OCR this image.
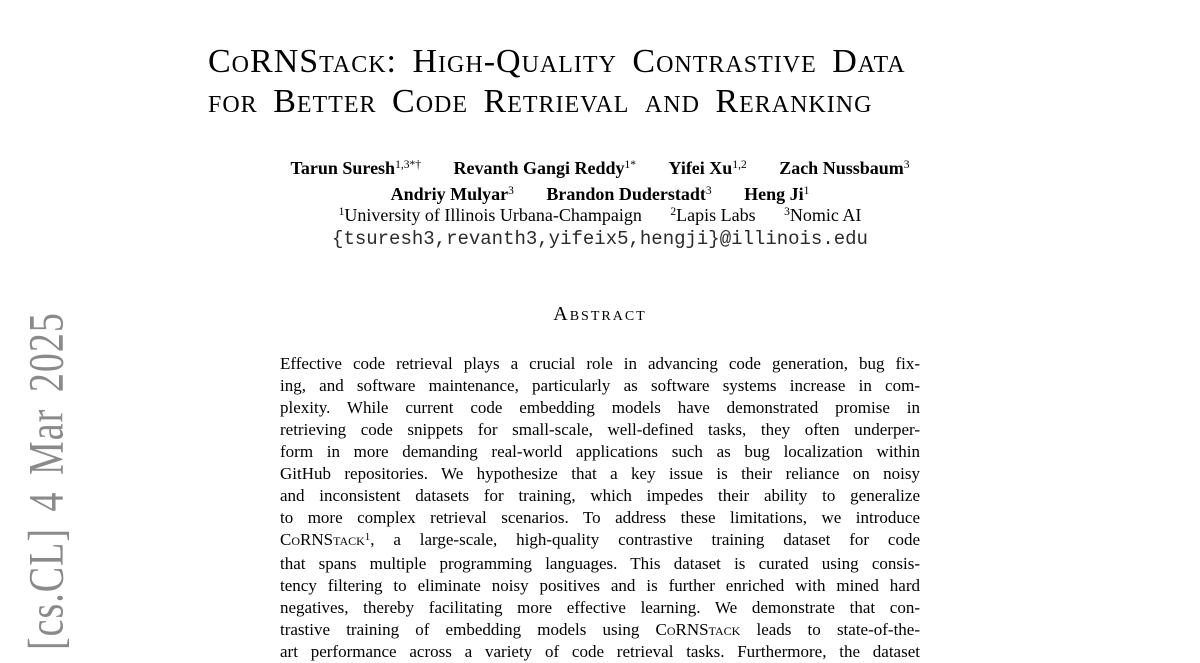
[cs.CL] 4 Mar 2025
CoRNStack: High-Quality Contrastive Data
for Better Code Retrieval and Reranking
Tarun Suresh$^{1,3*\dagger}$ Revanth Gangi Reddy$^{1*}$ Yifei Xu$^{1,2}$ Zach Nussbaum$^3$
Andriy Mulyar$^3$ Brandon Duderstadt$^3$ Heng Ji$^1$
$^1$University of Illinois Urbana-Champaign $^2$Lapis Labs $^3$Nomic AI
{tsuresh3,revanth3,yifeix5,hengji}@illinois.edu
Abstract
Effective code retrieval plays a crucial role in advancing code generation, bug fix-
ing, and software maintenance, particularly as software systems increase in com-
plexity. While current code embedding models have demonstrated promise in
retrieving code snippets for small-scale, well-defined tasks, they often underper-
form in more demanding real-world applications such as bug localization within
GitHub repositories. We hypothesize that a key issue is their reliance on noisy
and inconsistent datasets for training, which impedes their ability to generalize
to more complex retrieval scenarios. To address these limitations, we introduce
CoRNStack$^1$, a large-scale, high-quality contrastive training dataset for code
that spans multiple programming languages. This dataset is curated using consis-
tency filtering to eliminate noisy positives and is further enriched with mined hard
negatives, thereby facilitating more effective learning. We demonstrate that con-
trastive training of embedding models using CoRNStack leads to state-of-the-
art performance across a variety of code retrieval tasks. Furthermore, the dataset
